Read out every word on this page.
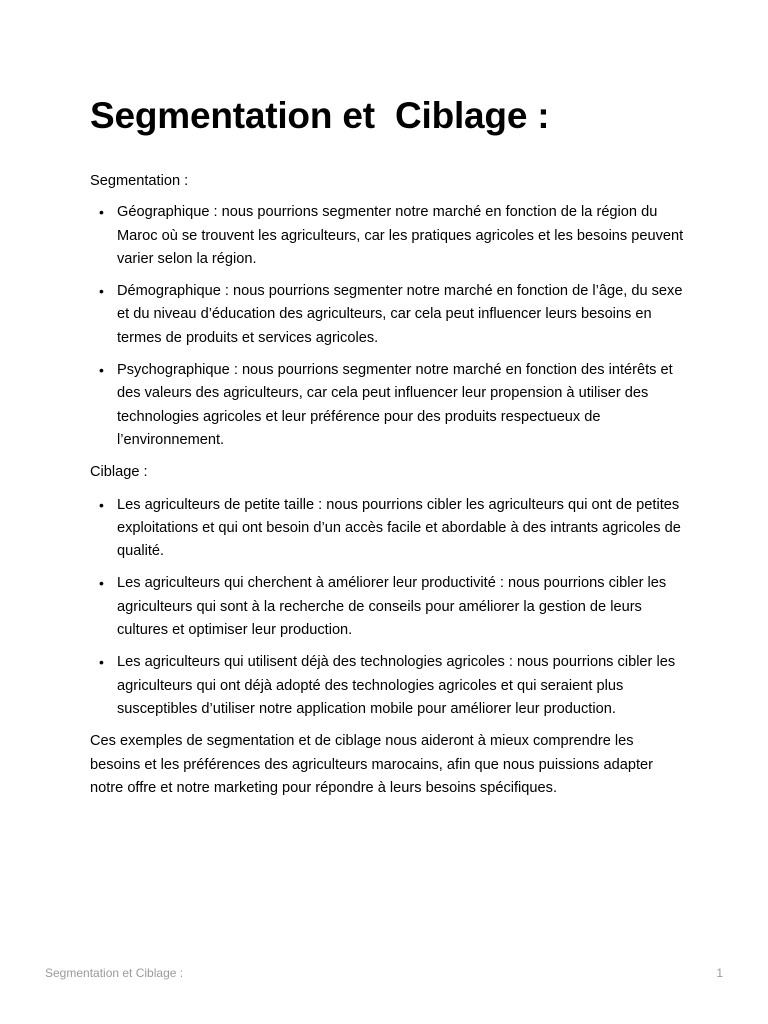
Segmentation et  Ciblage :

Segmentation :

• Géographique : nous pourrions segmenter notre marché en fonction de la région du Maroc où se trouvent les agriculteurs, car les pratiques agricoles et les besoins peuvent varier selon la région.
• Démographique : nous pourrions segmenter notre marché en fonction de l’âge, du sexe et du niveau d’éducation des agriculteurs, car cela peut influencer leurs besoins en termes de produits et services agricoles.
• Psychographique : nous pourrions segmenter notre marché en fonction des intérêts et des valeurs des agriculteurs, car cela peut influencer leur propension à utiliser des technologies agricoles et leur préférence pour des produits respectueux de l’environnement.

Ciblage :

• Les agriculteurs de petite taille : nous pourrions cibler les agriculteurs qui ont de petites exploitations et qui ont besoin d’un accès facile et abordable à des intrants agricoles de qualité.
• Les agriculteurs qui cherchent à améliorer leur productivité : nous pourrions cibler les agriculteurs qui sont à la recherche de conseils pour améliorer la gestion de leurs cultures et optimiser leur production.
• Les agriculteurs qui utilisent déjà des technologies agricoles : nous pourrions cibler les agriculteurs qui ont déjà adopté des technologies agricoles et qui seraient plus susceptibles d’utiliser notre application mobile pour améliorer leur production.

Ces exemples de segmentation et de ciblage nous aideront à mieux comprendre les besoins et les préférences des agriculteurs marocains, afin que nous puissions adapter notre offre et notre marketing pour répondre à leurs besoins spécifiques.

Segmentation et Ciblage :	1
